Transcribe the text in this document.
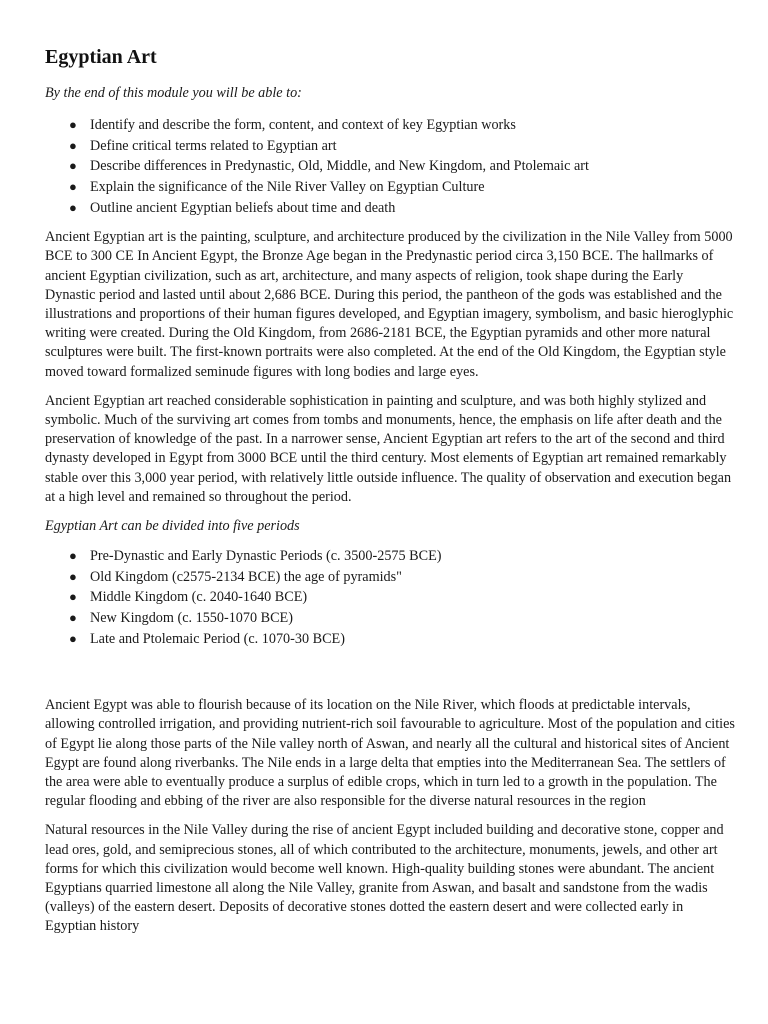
Egyptian Art

By the end of this module you will be able to:

● Identify and describe the form, content, and context of key Egyptian works
● Define critical terms related to Egyptian art
● Describe differences in Predynastic, Old, Middle, and New Kingdom, and Ptolemaic art
● Explain the significance of the Nile River Valley on Egyptian Culture
● Outline ancient Egyptian beliefs about time and death

Ancient Egyptian art is the painting, sculpture, and architecture produced by the civilization in the Nile Valley from 5000 BCE to 300 CE In Ancient Egypt, the Bronze Age began in the Predynastic period circa 3,150 BCE. The hallmarks of ancient Egyptian civilization, such as art, architecture, and many aspects of religion, took shape during the Early Dynastic period and lasted until about 2,686 BCE. During this period, the pantheon of the gods was established and the illustrations and proportions of their human figures developed, and Egyptian imagery, symbolism, and basic hieroglyphic writing were created. During the Old Kingdom, from 2686-2181 BCE, the Egyptian pyramids and other more natural sculptures were built. The first-known portraits were also completed. At the end of the Old Kingdom, the Egyptian style moved toward formalized seminude figures with long bodies and large eyes.

Ancient Egyptian art reached considerable sophistication in painting and sculpture, and was both highly stylized and symbolic. Much of the surviving art comes from tombs and monuments, hence, the emphasis on life after death and the preservation of knowledge of the past. In a narrower sense, Ancient Egyptian art refers to the art of the second and third dynasty developed in Egypt from 3000 BCE until the third century. Most elements of Egyptian art remained remarkably stable over this 3,000 year period, with relatively little outside influence. The quality of observation and execution began at a high level and remained so throughout the period.

Egyptian Art can be divided into five periods

● Pre-Dynastic and Early Dynastic Periods (c. 3500-2575 BCE)
● Old Kingdom (c2575-2134 BCE) the age of pyramids"
● Middle Kingdom (c. 2040-1640 BCE)
● New Kingdom (c. 1550-1070 BCE)
● Late and Ptolemaic Period (c. 1070-30 BCE)

Ancient Egypt was able to flourish because of its location on the Nile River, which floods at predictable intervals, allowing controlled irrigation, and providing nutrient-rich soil favourable to agriculture. Most of the population and cities of Egypt lie along those parts of the Nile valley north of Aswan, and nearly all the cultural and historical sites of Ancient Egypt are found along riverbanks. The Nile ends in a large delta that empties into the Mediterranean Sea. The settlers of the area were able to eventually produce a surplus of edible crops, which in turn led to a growth in the population. The regular flooding and ebbing of the river are also responsible for the diverse natural resources in the region

Natural resources in the Nile Valley during the rise of ancient Egypt included building and decorative stone, copper and lead ores, gold, and semiprecious stones, all of which contributed to the architecture, monuments, jewels, and other art forms for which this civilization would become well known. High-quality building stones were abundant. The ancient Egyptians quarried limestone all along the Nile Valley, granite from Aswan, and basalt and sandstone from the wadis (valleys) of the eastern desert. Deposits of decorative stones dotted the eastern desert and were collected early in Egyptian history
